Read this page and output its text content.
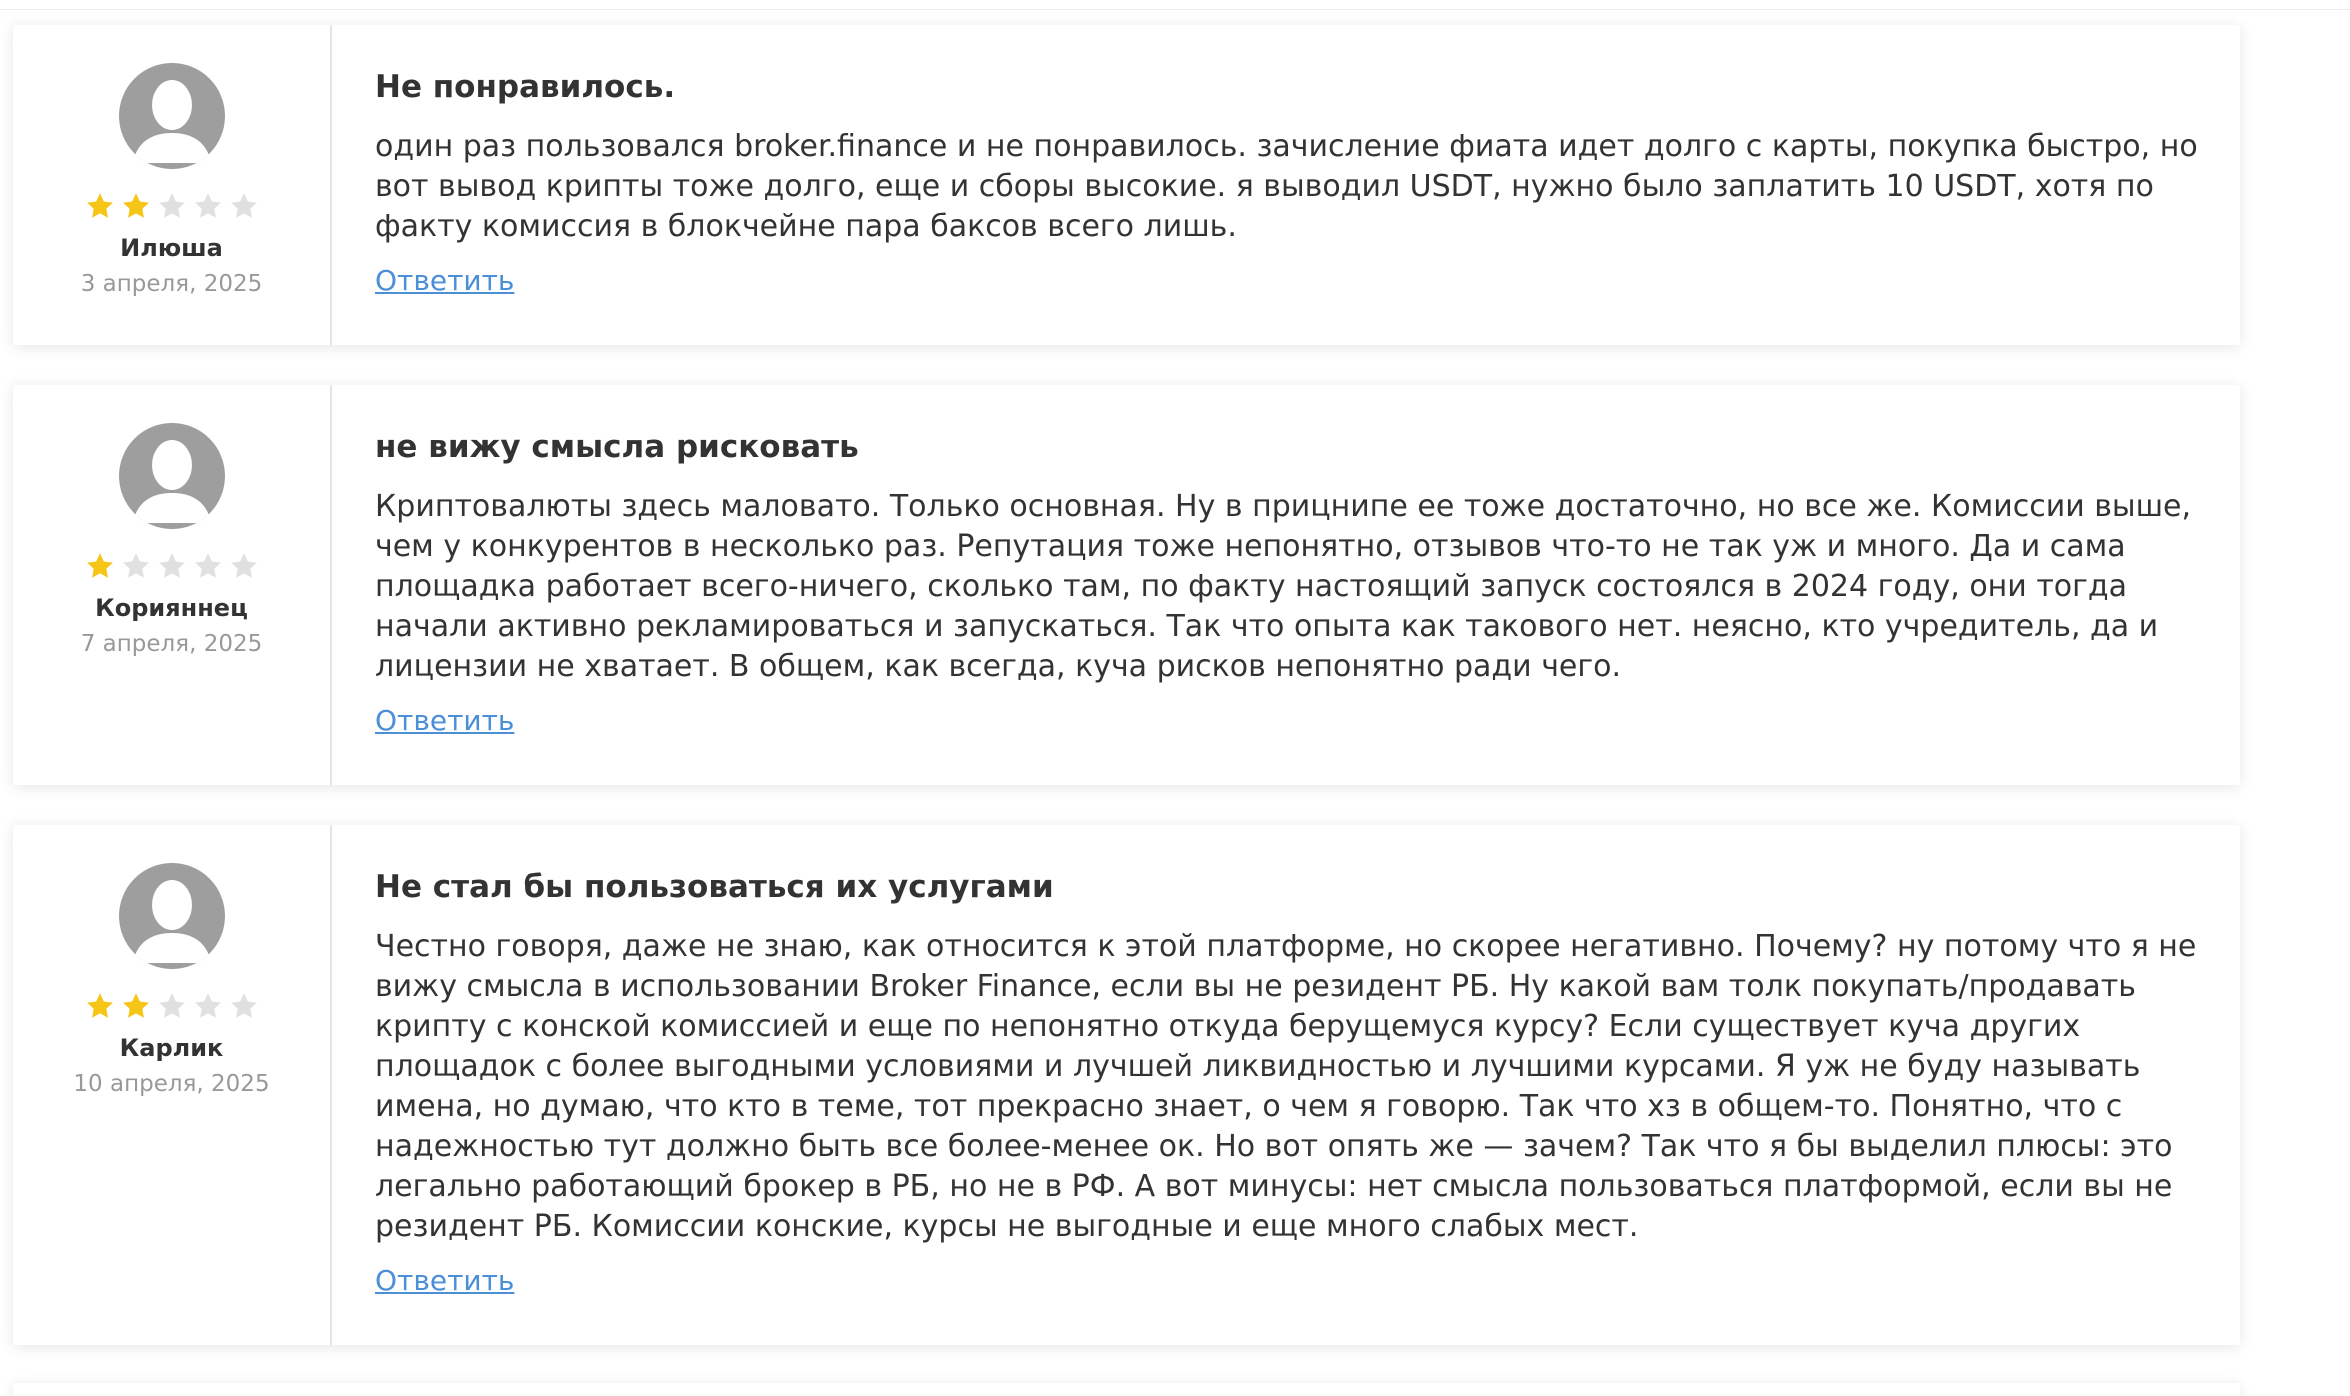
Илюша
3 апреля, 2025
Не понравилось.
один раз пользовался broker.finance и не понравилось. зачисление фиата идет долго с карты, покупка быстро, но вот вывод крипты тоже долго, еще и сборы высокие. я выводил USDT, нужно было заплатить 10 USDT, хотя по факту комиссия в блокчейне пара баксов всего лишь.
Ответить
Корияннец
7 апреля, 2025
не вижу смысла рисковать
Криптовалюты здесь маловато. Только основная. Ну в прицнипе ее тоже достаточно, но все же. Комиссии выше, чем у конкурентов в несколько раз. Репутация тоже непонятно, отзывов что-то не так уж и много. Да и сама площадка работает всего-ничего, сколько там, по факту настоящий запуск состоялся в 2024 году, они тогда начали активно рекламироваться и запускаться. Так что опыта как такового нет. неясно, кто учредитель, да и лицензии не хватает. В общем, как всегда, куча рисков непонятно ради чего.
Ответить
Карлик
10 апреля, 2025
Не стал бы пользоваться их услугами
Честно говоря, даже не знаю, как относится к этой платформе, но скорее негативно. Почему? ну потому что я не вижу смысла в использовании Broker Finance, если вы не резидент РБ. Ну какой вам толк покупать/продавать крипту с конской комиссией и еще по непонятно откуда берущемуся курсу? Если существует куча других площадок с более выгодными условиями и лучшей ликвидностью и лучшими курсами. Я уж не буду называть имена, но думаю, что кто в теме, тот прекрасно знает, о чем я говорю. Так что хз в общем-то. Понятно, что с надежностью тут должно быть все более-менее ок. Но вот опять же — зачем? Так что я бы выделил плюсы: это легально работающий брокер в РБ, но не в РФ. А вот минусы: нет смысла пользоваться платформой, если вы не резидент РБ. Комиссии конские, курсы не выгодные и еще много слабых мест.
Ответить
